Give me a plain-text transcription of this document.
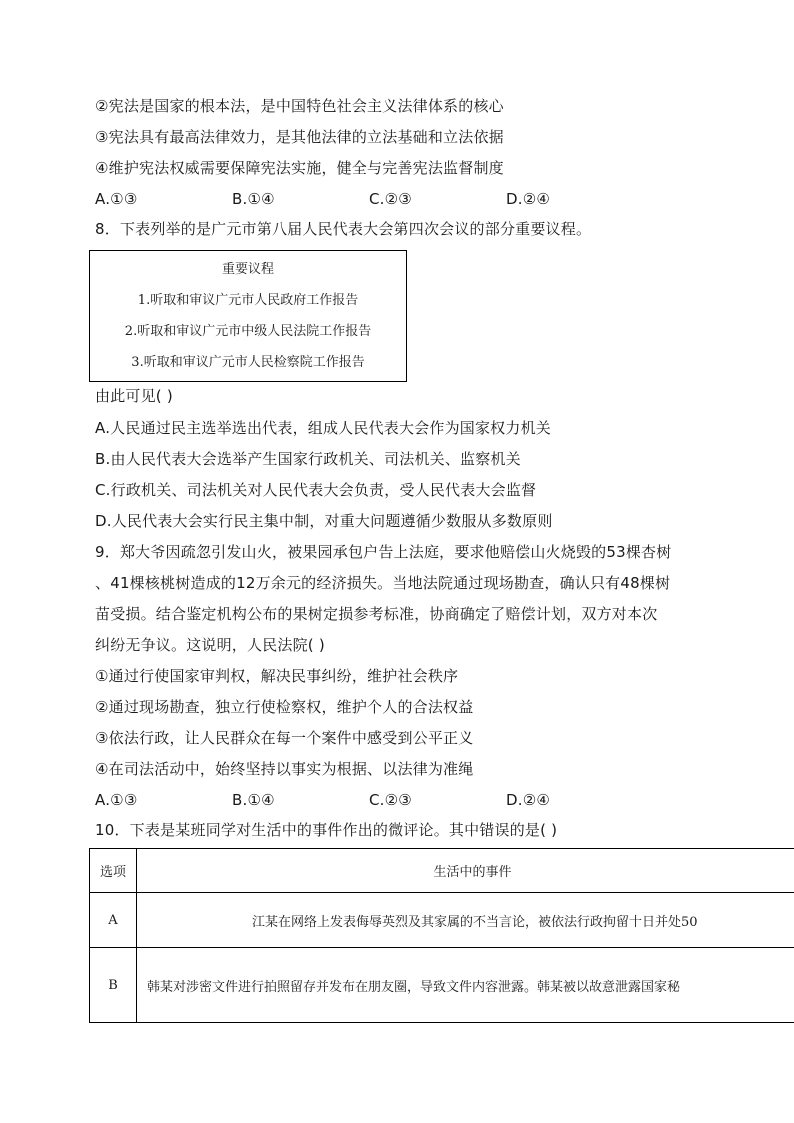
②宪法是国家的根本法，是中国特色社会主义法律体系的核心
③宪法具有最高法律效力，是其他法律的立法基础和立法依据
④维护宪法权威需要保障宪法实施，健全与完善宪法监督制度
A.①③	B.①④	C.②③	D.②④
8．下表列举的是广元市第八届人民代表大会第四次会议的部分重要议程。
重要议程
1.听取和审议广元市人民政府工作报告
2.听取和审议广元市中级人民法院工作报告
3.听取和审议广元市人民检察院工作报告
由此可见( )
A.人民通过民主选举选出代表，组成人民代表大会作为国家权力机关
B.由人民代表大会选举产生国家行政机关、司法机关、监察机关
C.行政机关、司法机关对人民代表大会负责，受人民代表大会监督
D.人民代表大会实行民主集中制，对重大问题遵循少数服从多数原则
9．郑大爷因疏忽引发山火，被果园承包户告上法庭，要求他赔偿山火烧毁的53棵杏树
、41棵核桃树造成的12万余元的经济损失。当地法院通过现场勘查，确认只有48棵树
苗受损。结合鉴定机构公布的果树定损参考标准，协商确定了赔偿计划，双方对本次
纠纷无争议。这说明，人民法院( )
①通过行使国家审判权，解决民事纠纷，维护社会秩序
②通过现场勘查，独立行使检察权，维护个人的合法权益
③依法行政，让人民群众在每一个案件中感受到公平正义
④在司法活动中，始终坚持以事实为根据、以法律为准绳
A.①③	B.①④	C.②③	D.②④
10．下表是某班同学对生活中的事件作出的微评论。其中错误的是( )
选项	生活中的事件
A	江某在网络上发表侮辱英烈及其家属的不当言论，被依法行政拘留十日并处50
B	韩某对涉密文件进行拍照留存并发布在朋友圈，导致文件内容泄露。韩某被以故意泄露国家秘
